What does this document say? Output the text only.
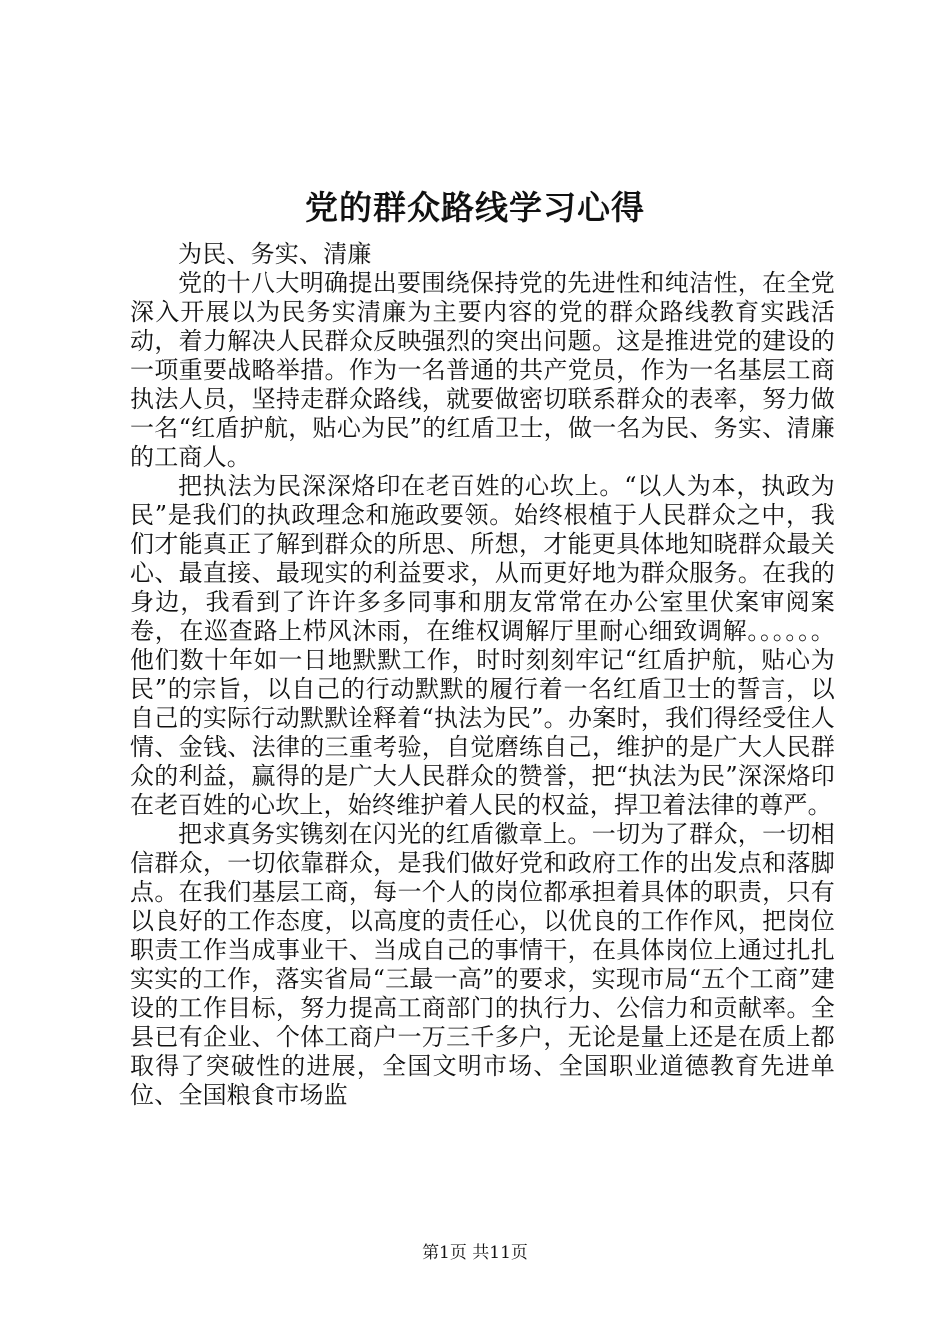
党的群众路线学习心得

为民、务实、清廉

党的十八大明确提出要围绕保持党的先进性和纯洁性，在全党深入开展以为民务实清廉为主要内容的党的群众路线教育实践活动，着力解决人民群众反映强烈的突出问题。这是推进党的建设的一项重要战略举措。作为一名普通的共产党员，作为一名基层工商执法人员，坚持走群众路线，就要做密切联系群众的表率，努力做一名“红盾护航，贴心为民”的红盾卫士，做一名为民、务实、清廉的工商人。

把执法为民深深烙印在老百姓的心坎上。“以人为本，执政为民”是我们的执政理念和施政要领。始终根植于人民群众之中，我们才能真正了解到群众的所思、所想，才能更具体地知晓群众最关心、最直接、最现实的利益要求，从而更好地为群众服务。在我的身边，我看到了许许多多同事和朋友常常在办公室里伏案审阅案卷，在巡查路上栉风沐雨，在维权调解厅里耐心细致调解。。。。。。他们数十年如一日地默默工作，时时刻刻牢记“红盾护航，贴心为民”的宗旨，以自己的行动默默的履行着一名红盾卫士的誓言，以自己的实际行动默默诠释着“执法为民”。办案时，我们得经受住人情、金钱、法律的三重考验，自觉磨练自己，维护的是广大人民群众的利益，赢得的是广大人民群众的赞誉，把“执法为民”深深烙印在老百姓的心坎上，始终维护着人民的权益，捍卫着法律的尊严。

把求真务实镌刻在闪光的红盾徽章上。一切为了群众，一切相信群众，一切依靠群众，是我们做好党和政府工作的出发点和落脚点。在我们基层工商，每一个人的岗位都承担着具体的职责，只有以良好的工作态度，以高度的责任心，以优良的工作作风，把岗位职责工作当成事业干、当成自己的事情干，在具体岗位上通过扎扎实实的工作，落实省局“三最一高”的要求，实现市局“五个工商”建设的工作目标，努力提高工商部门的执行力、公信力和贡献率。全县已有企业、个体工商户一万三千多户，无论是量上还是在质上都取得了突破性的进展，全国文明市场、全国职业道德教育先进单位、全国粮食市场监

第1页 共11页
